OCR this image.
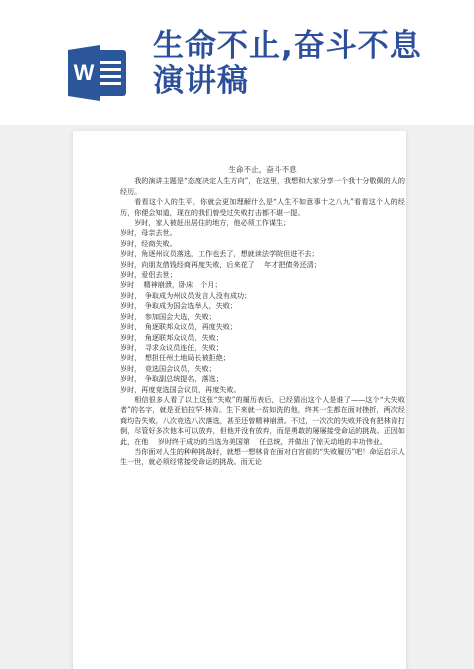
W
生命不止,奋斗不息演讲稿
生命不止，奋斗不息
我的演讲主题是“态度决定人生方向”，在这里，我想和大家分享一个我十分敬佩的人的经历。
看看这个人的生平，你就会更加理解什么是“人生不如意事十之八九”看看这个人的经历，你便会知道，现在的我们曾受过失败打击都不堪一提。
岁时，家人被赶出居住的地方，他必须工作谋生；
岁时，母亲去世。
岁时，经商失败。
岁时，角逐州议员落选，工作也丢了，想就读法学院但进不去；
岁时，向朋友借钱经商再度失败，后来花了　 年才把债务还清；
岁时，爱侣去世；
岁时　 精神崩溃，卧床　个月；
岁时，　争取成为州议员发言人没有成功；
岁时，　争取成为国会选举人，失败；
岁时，　参加国会大选，失败；
岁时，　角逐联邦众议员，再度失败；
岁时，　角逐联邦众议员，失败；
岁时，　寻求众议员连任，失败；
岁时，　想担任州土地局长被拒绝；
岁时，　竞选国会议员，失败；
岁时，　争取副总统提名，落选；
岁时，再度竞选国会议员，再度失败。
相信很多人看了以上这张“失败”的履历表后，已经猜出这个人是谁了——这个“大失败者”的名字，就是亚伯拉罕·林肯。生下来就一贫如洗的他，终其一生都在面对挫折，两次经商均告失败，八次竞选八次落选，甚至还曾精神崩溃。不过，一次次的失败并没有把林肯打倒，尽管好多次他本可以放弃，但他并没有放弃，而是勇敢的屡屡接受命运的挑战。正因如此，在他　 岁时终于成功的当选为美国第　 任总统，并做出了惊天动地的丰功伟业。
当你面对人生的种种挑战时，就想一想林肯在面对白宫前的“失败履历”吧！命运启示人生一世，就必须经常接受命运的挑战。而无论
